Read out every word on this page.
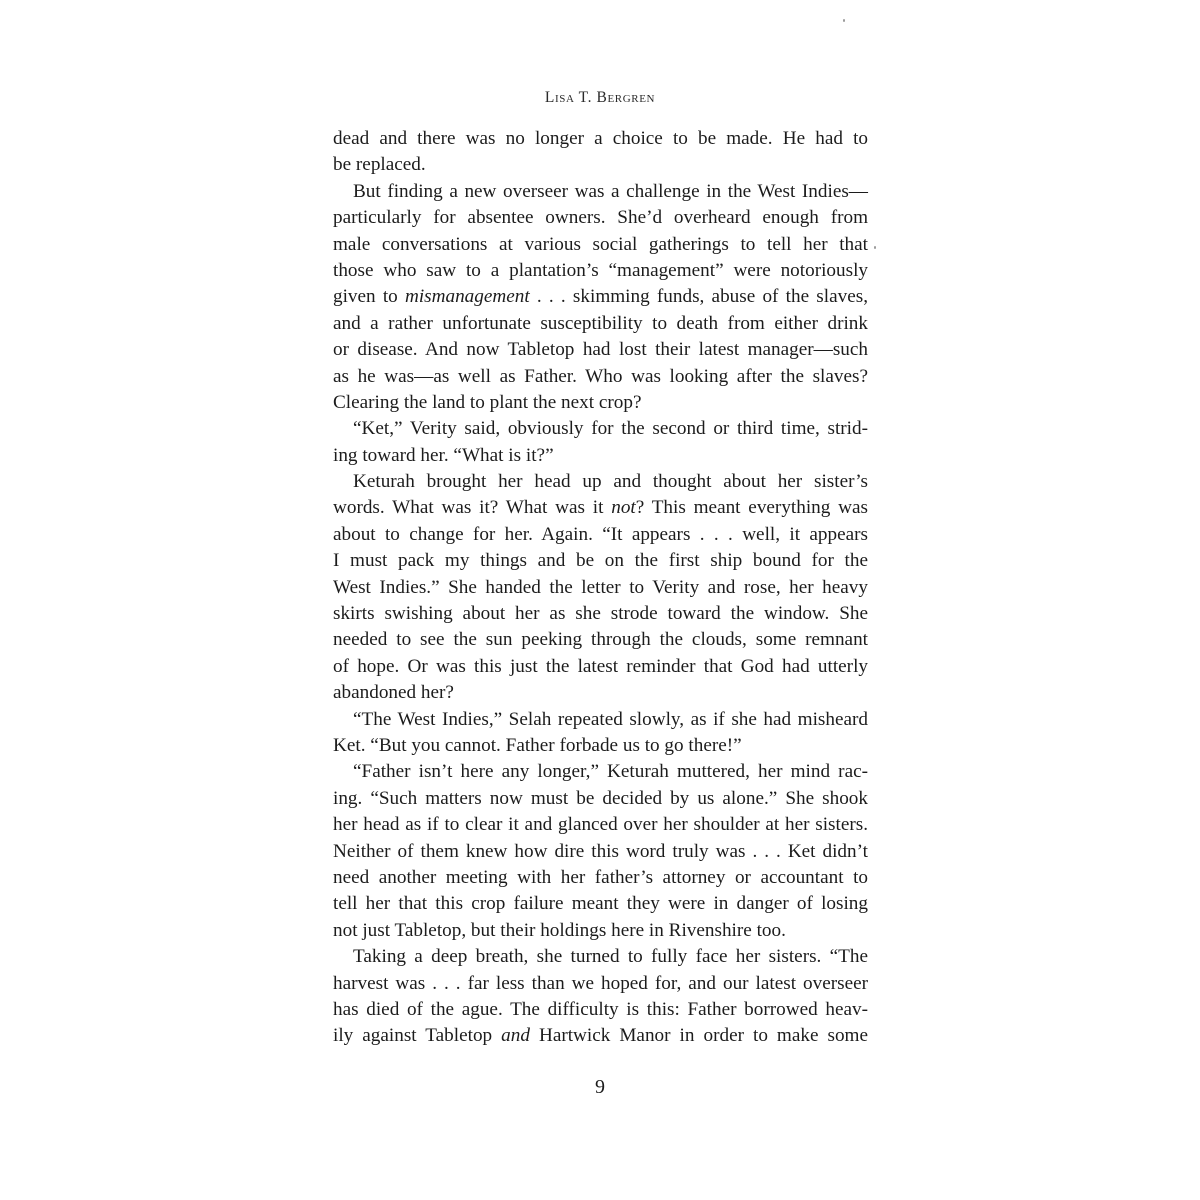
Lisa T. Bergren
dead and there was no longer a choice to be made. He had to
be replaced.
But finding a new overseer was a challenge in the West Indies—
particularly for absentee owners. She’d overheard enough from
male conversations at various social gatherings to tell her that
those who saw to a plantation’s “management” were notoriously
given to mismanagement . . . skimming funds, abuse of the slaves,
and a rather unfortunate susceptibility to death from either drink
or disease. And now Tabletop had lost their latest manager—such
as he was—as well as Father. Who was looking after the slaves?
Clearing the land to plant the next crop?
“Ket,” Verity said, obviously for the second or third time, strid-
ing toward her. “What is it?”
Keturah brought her head up and thought about her sister’s
words. What was it? What was it not? This meant everything was
about to change for her. Again. “It appears . . . well, it appears
I must pack my things and be on the first ship bound for the
West Indies.” She handed the letter to Verity and rose, her heavy
skirts swishing about her as she strode toward the window. She
needed to see the sun peeking through the clouds, some remnant
of hope. Or was this just the latest reminder that God had utterly
abandoned her?
“The West Indies,” Selah repeated slowly, as if she had misheard
Ket. “But you cannot. Father forbade us to go there!”
“Father isn’t here any longer,” Keturah muttered, her mind rac-
ing. “Such matters now must be decided by us alone.” She shook
her head as if to clear it and glanced over her shoulder at her sisters.
Neither of them knew how dire this word truly was . . . Ket didn’t
need another meeting with her father’s attorney or accountant to
tell her that this crop failure meant they were in danger of losing
not just Tabletop, but their holdings here in Rivenshire too.
Taking a deep breath, she turned to fully face her sisters. “The
harvest was . . . far less than we hoped for, and our latest overseer
has died of the ague. The difficulty is this: Father borrowed heav-
ily against Tabletop and Hartwick Manor in order to make some
9
